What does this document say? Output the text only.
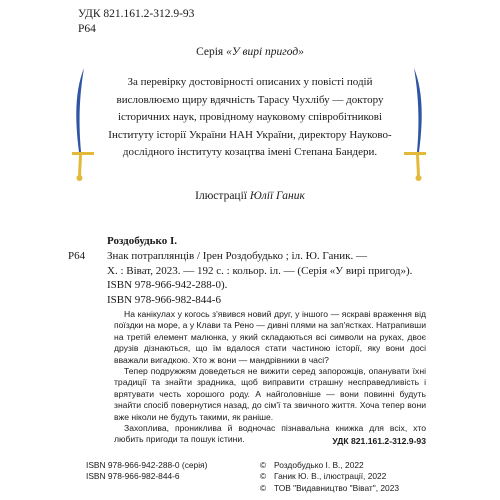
УДК 821.161.2-312.9-93
Р64
Серія «У вирі пригод»
За перевірку достовірності описаних у повісті подій
висловлюємо щиру вдячність Тарасу Чухлібу — доктору
історичних наук, провідному науковому співробітникові
Інституту історії України НАН України, директору Науково-
дослідного інституту козацтва імені Степана Бандери.
Ілюстрації Юлії Ганик
Роздобудько І.
Р64 Знак потраплянців / Ірен Роздобудько ; іл. Ю. Ганик. —
Х. : Віват, 2023. — 192 с. : кольор. іл. — (Серія «У вирі пригод»).
ISBN 978-966-942-288-0).
ISBN 978-966-982-844-6

На канікулах у когось з'явився новий друг, у іншого — яскраві враження від поїздки на море, а у Клави та Рено — дивні плями на зап'ястках. Натрапивши на третій елемент малюнка, у який складаються всі символи на руках, двоє друзів дізнаються, що їм вдалося стати частиною історії, яку вони досі вважали вигадкою. Хто ж вони — мандрівники в часі?

Тепер подружжям доведеться не вижити серед запорожців, опанувати їхні традиції та знайти зрадника, щоб виправити страшну несправедливість і врятувати честь хорошого роду. А найголовніше — вони повинні будуть знайти спосіб повернутися назад, до сім'ї та звичного життя. Хоча тепер вони вже ніколи не будуть такими, як раніше.

Захоплива, прониклива й водночас пізнавальна книжка для всіх, хто любить пригоди та пошук істини.	УДК 821.161.2-312.9-93
ISBN 978-966-942-288-0 (серія)
ISBN 978-966-982-844-6
© Роздобудько І. В., 2022
© Ганик Ю. В., ілюстрації, 2022
© ТОВ "Видавництво "Віват", 2023
